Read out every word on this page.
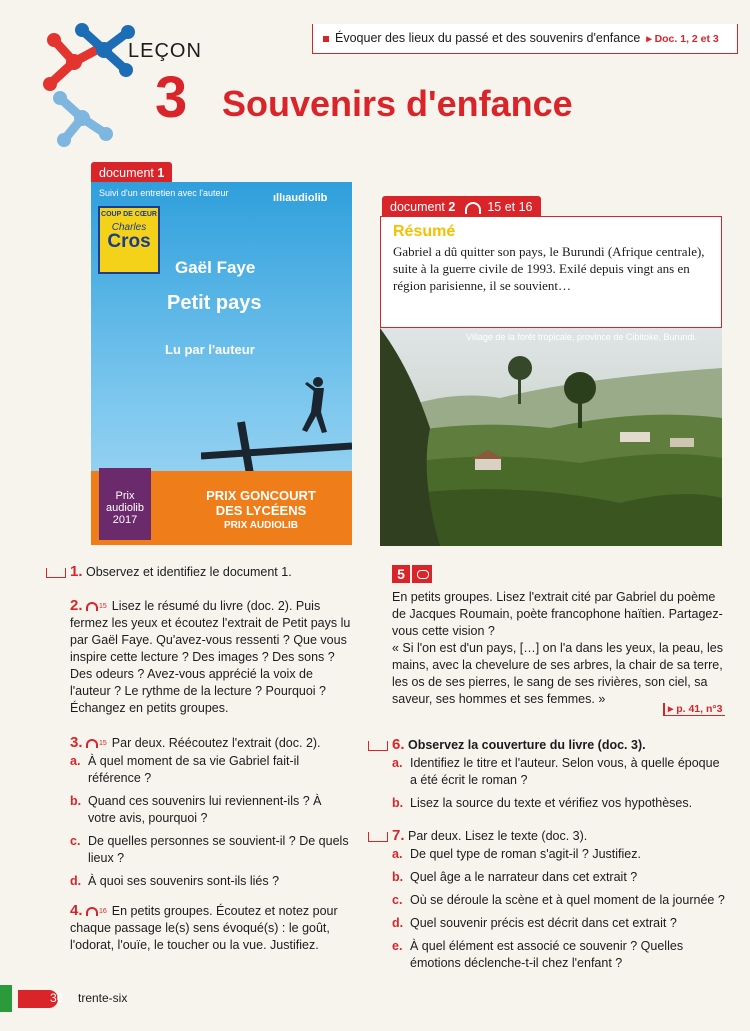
Évoquer des lieux du passé et des souvenirs d'enfance ▸ Doc. 1, 2 et 3
LEÇON
3 Souvenirs d'enfance
document 1
Suivi d'un entretien avec l'auteur	ıllıaudiolib
COUP DE CŒUR
Charles
Cros
Gaël Faye
Petit pays
Lu par l'auteur
Prix audiolib 2017
PRIX GONCOURT
DES LYCÉENS
PRIX AUDIOLIB
document 2	15 et 16
Résumé
Gabriel a dû quitter son pays, le Burundi (Afrique centrale), suite à la guerre civile de 1993. Exilé depuis vingt ans en région parisienne, il se souvient…
Village de la forêt tropicale, province de Cibitoke, Burundi.
1. Observez et identifiez le document 1.
2. 15 Lisez le résumé du livre (doc. 2). Puis fermez les yeux et écoutez l'extrait de Petit pays lu par Gaël Faye. Qu'avez-vous ressenti ? Que vous inspire cette lecture ? Des images ? Des sons ? Des odeurs ? Avez-vous apprécié la voix de l'auteur ? Le rythme de la lecture ? Pourquoi ? Échangez en petits groupes.
3. 15 Par deux. Réécoutez l'extrait (doc. 2).
a. À quel moment de sa vie Gabriel fait-il référence ?
b. Quand ces souvenirs lui reviennent-ils ? À votre avis, pourquoi ?
c. De quelles personnes se souvient-il ? De quels lieux ?
d. À quoi ses souvenirs sont-ils liés ?
4. 16 En petits groupes. Écoutez et notez pour chaque passage le(s) sens évoqué(s) : le goût, l'odorat, l'ouïe, le toucher ou la vue. Justifiez.
5
En petits groupes. Lisez l'extrait cité par Gabriel du poème de Jacques Roumain, poète francophone haïtien. Partagez-vous cette vision ?
« Si l'on est d'un pays, […] on l'a dans les yeux, la peau, les mains, avec la chevelure de ses arbres, la chair de sa terre, les os de ses pierres, le sang de ses rivières, son ciel, sa saveur, ses hommes et ses femmes. »
▸ p. 41, n°3
6. Observez la couverture du livre (doc. 3).
a. Identifiez le titre et l'auteur. Selon vous, à quelle époque a été écrit le roman ?
b. Lisez la source du texte et vérifiez vos hypothèses.
7. Par deux. Lisez le texte (doc. 3).
a. De quel type de roman s'agit-il ? Justifiez.
b. Quel âge a le narrateur dans cet extrait ?
c. Où se déroule la scène et à quel moment de la journée ?
d. Quel souvenir précis est décrit dans cet extrait ?
e. À quel élément est associé ce souvenir ? Quelles émotions déclenche-t-il chez l'enfant ?
36 trente-six
